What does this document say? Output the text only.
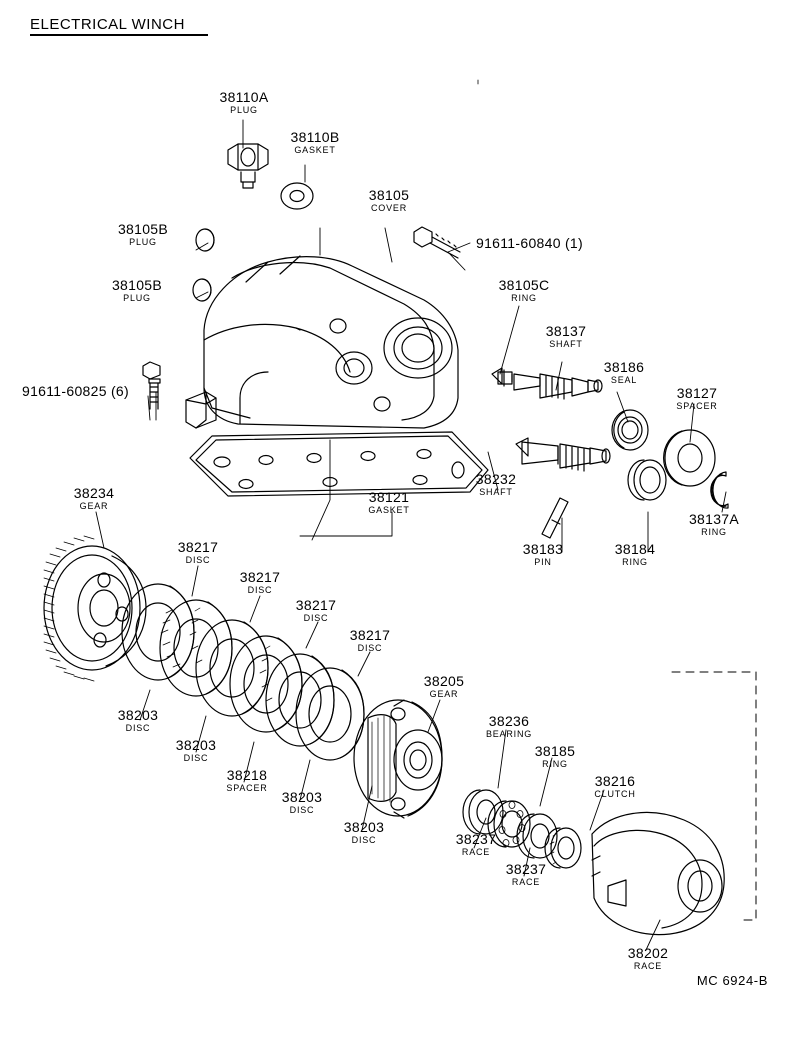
ELECTRICAL WINCH
38110A
PLUG
38110B
GASKET
38105
COVER
38105B
PLUG
38105B
PLUG
91611-60840 (1)
38105C
RING
38137
SHAFT
38186
SEAL
38127
SPACER
38137A
RING
91611-60825 (6)
38232
SHAFT
38183
PIN
38184
RING
38121
GASKET
38234
GEAR
38217
DISC
38217
DISC
38217
DISC
38217
DISC
38203
DISC
38203
DISC
38218
SPACER
38203
DISC
38203
DISC
38205
GEAR
38236
BEARING
38185
RING
38216
CLUTCH
38237
RACE
38237
RACE
38202
RACE
MC 6924-B
